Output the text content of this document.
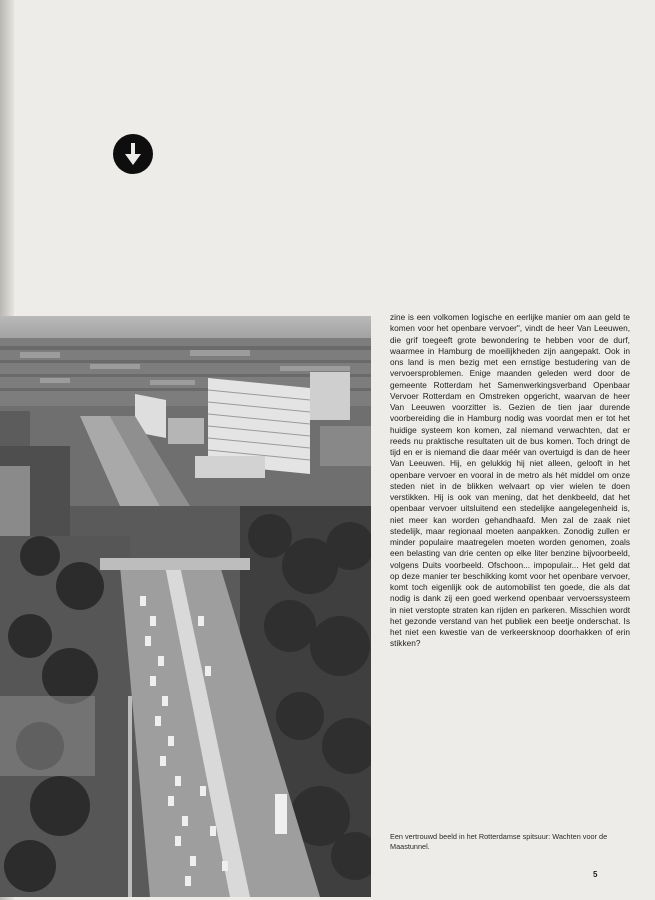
zine is een volkomen logische en eerlijke manier om aan geld te komen voor het openbare vervoer", vindt de heer Van Leeuwen, die grif toegeeft grote bewondering te hebben voor de durf, waarmee in Hamburg de moeilijkheden zijn aangepakt. Ook in ons land is men bezig met een ernstige bestudering van de vervoersproblemen. Enige maanden geleden werd door de gemeente Rotterdam het Samenwerkingsverband Openbaar Vervoer Rotterdam en Omstreken opgericht, waarvan de heer Van Leeuwen voorzitter is. Gezien de tien jaar durende voorbereiding die in Hamburg nodig was voordat men er tot het huidige systeem kon komen, zal niemand verwachten, dat er reeds nu praktische resultaten uit de bus komen. Toch dringt de tijd en er is niemand die daar méér van overtuigd is dan de heer Van Leeuwen. Hij, en gelukkig hij niet alleen, gelooft in het openbare vervoer en vooral in de metro als hét middel om onze steden niet in de blikken welvaart op vier wielen te doen verstikken. Hij is ook van mening, dat het denkbeeld, dat het openbaar vervoer uitsluitend een stedelijke aangelegenheid is, niet meer kan worden gehandhaafd. Men zal de zaak niet stedelijk, maar regionaal moeten aanpakken. Zonodig zullen er minder populaire maatregelen moeten worden genomen, zoals een belasting van drie centen op elke liter benzine bijvoorbeeld, volgens Duits voorbeeld. Ofschoon... impopulair... Het geld dat op deze manier ter beschikking komt voor het openbare vervoer, komt toch eigenlijk ook de automobilist ten goede, die als dat nodig is dank zij een goed werkend openbaar vervoerssysteem in niet verstopte straten kan rijden en parkeren. Misschien wordt het gezonde verstand van het publiek een beetje onderschat. Is het niet een kwestie van de verkeersknoop doorhakken of erin stikken?

Een vertrouwd beeld in het Rotterdamse spitsuur: Wachten voor de Maastunnel.
5
